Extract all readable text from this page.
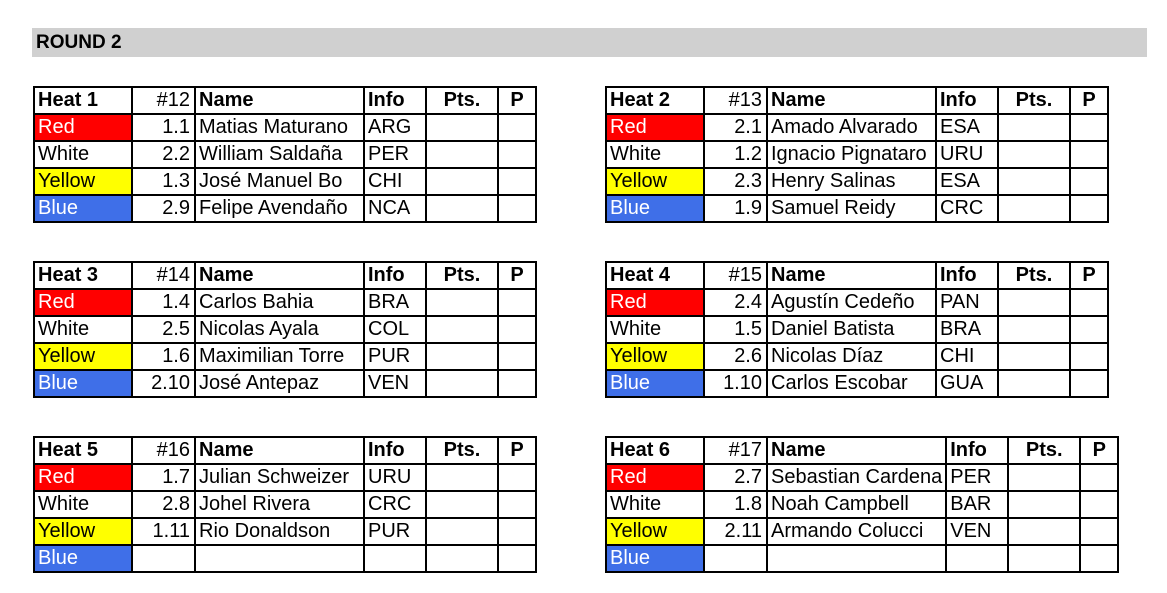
ROUND 2
Heat 1	#12	Name	Info	Pts.	P
Red	1.1	Matias Maturano	ARG		
White	2.2	William Saldaña	PER		
Yellow	1.3	José Manuel Bo	CHI		
Blue	2.9	Felipe Avendaño	NCA		
Heat 2	#13	Name	Info	Pts.	P
Red	2.1	Amado Alvarado	ESA		
White	1.2	Ignacio Pignataro	URU		
Yellow	2.3	Henry Salinas	ESA		
Blue	1.9	Samuel Reidy	CRC		
Heat 3	#14	Name	Info	Pts.	P
Red	1.4	Carlos Bahia	BRA		
White	2.5	Nicolas Ayala	COL		
Yellow	1.6	Maximilian Torre	PUR		
Blue	2.10	José Antepaz	VEN		
Heat 4	#15	Name	Info	Pts.	P
Red	2.4	Agustín Cedeño	PAN		
White	1.5	Daniel Batista	BRA		
Yellow	2.6	Nicolas Díaz	CHI		
Blue	1.10	Carlos Escobar	GUA		
Heat 5	#16	Name	Info	Pts.	P
Red	1.7	Julian Schweizer	URU		
White	2.8	Johel Rivera	CRC		
Yellow	1.11	Rio Donaldson	PUR		
Blue					
Heat 6	#17	Name	Info	Pts.	P
Red	2.7	Sebastian Cardena	PER		
White	1.8	Noah Campbell	BAR		
Yellow	2.11	Armando Colucci	VEN		
Blue					
